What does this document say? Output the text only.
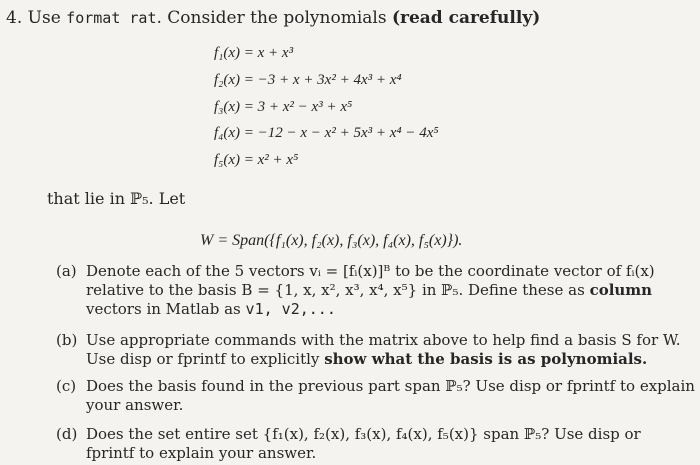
4. Use format rat. Consider the polynomials (read carefully)
f₁(x) = x + x³
f₂(x) = −3 + x + 3x² + 4x³ + x⁴
f₃(x) = 3 + x² − x³ + x⁵
f₄(x) = −12 − x − x² + 5x³ + x⁴ − 4x⁵
f₅(x) = x² + x⁵
that lie in ℙ₅. Let
W = Span({f₁(x), f₂(x), f₃(x), f₄(x), f₅(x)}).
(a) Denote each of the 5 vectors vᵢ = [fᵢ(x)]ᴮ to be the coordinate vector of fᵢ(x)
relative to the basis B = {1, x, x², x³, x⁴, x⁵} in ℙ₅. Define these as column
vectors in Matlab as v1, v2,...
(b) Use appropriate commands with the matrix above to help find a basis S for W.
Use disp or fprintf to explicitly show what the basis is as polynomials.
(c) Does the basis found in the previous part span ℙ₅? Use disp or fprintf to explain
your answer.
(d) Does the set entire set {f₁(x), f₂(x), f₃(x), f₄(x), f₅(x)} span ℙ₅? Use disp or
fprintf to explain your answer.
